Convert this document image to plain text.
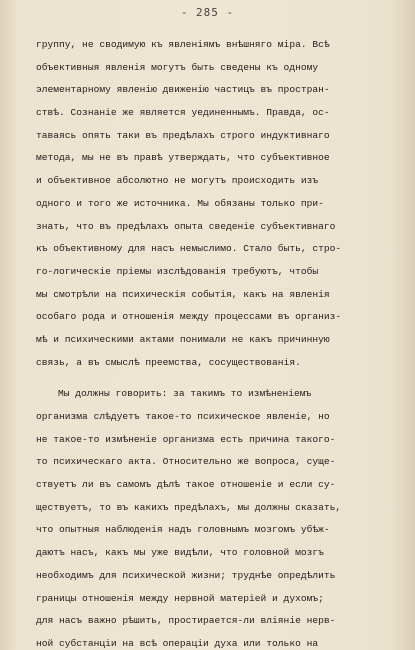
- 285 -
группу, не сводимую къ явленіямъ внѣшняго міра. Всѣ
объективныя явленія могутъ быть сведены къ одному
элементарному явленію движенію частицъ въ простран-
ствѣ. Сознаніе же является уединеннымъ. Правда, ос-
таваясь опять таки въ предѣлахъ строго индуктивнаго
метода, мы не въ правѣ утверждать, что субъективное
и объективное абсолютно не могутъ происходить изъ
одного и того же источника. Мы обязаны только при-
знать, что въ предѣлахъ опыта сведеніе субъективнаго
къ объективному для насъ немыслимо. Стало быть, стро-
го-логическіе пріемы изслѣдованія требуютъ, чтобы
мы смотрѣли на психическія событія, какъ на явленія
особаго рода и отношенія между процессами въ организ-
мѣ и психическими актами понимали не какъ причинную
связь, а въ смыслѣ преемства, сосуществованія.
Мы должны говорить: за такимъ то измѣненіемъ
организма слѣдуетъ такое-то психическое явленіе, но
не такое-то измѣненіе организма есть причина такого-
то психическаго акта. Относительно же вопроса, суще-
ствуетъ ли въ самомъ дѣлѣ такое отношеніе и если су-
ществуетъ, то въ какихъ предѣлахъ, мы должны сказать,
что опытныя наблюденія надъ головнымъ мозгомъ убѣж-
даютъ насъ, какъ мы уже видѣли, что головной мозгъ
необходимъ для психической жизни; труднѣе опредѣлить
границы отношенія между нервной матеріей и духомъ;
для насъ важно рѣшить, простирается-ли вліяніе нерв-
ной субстанціи на всѣ операціи духа или только на
